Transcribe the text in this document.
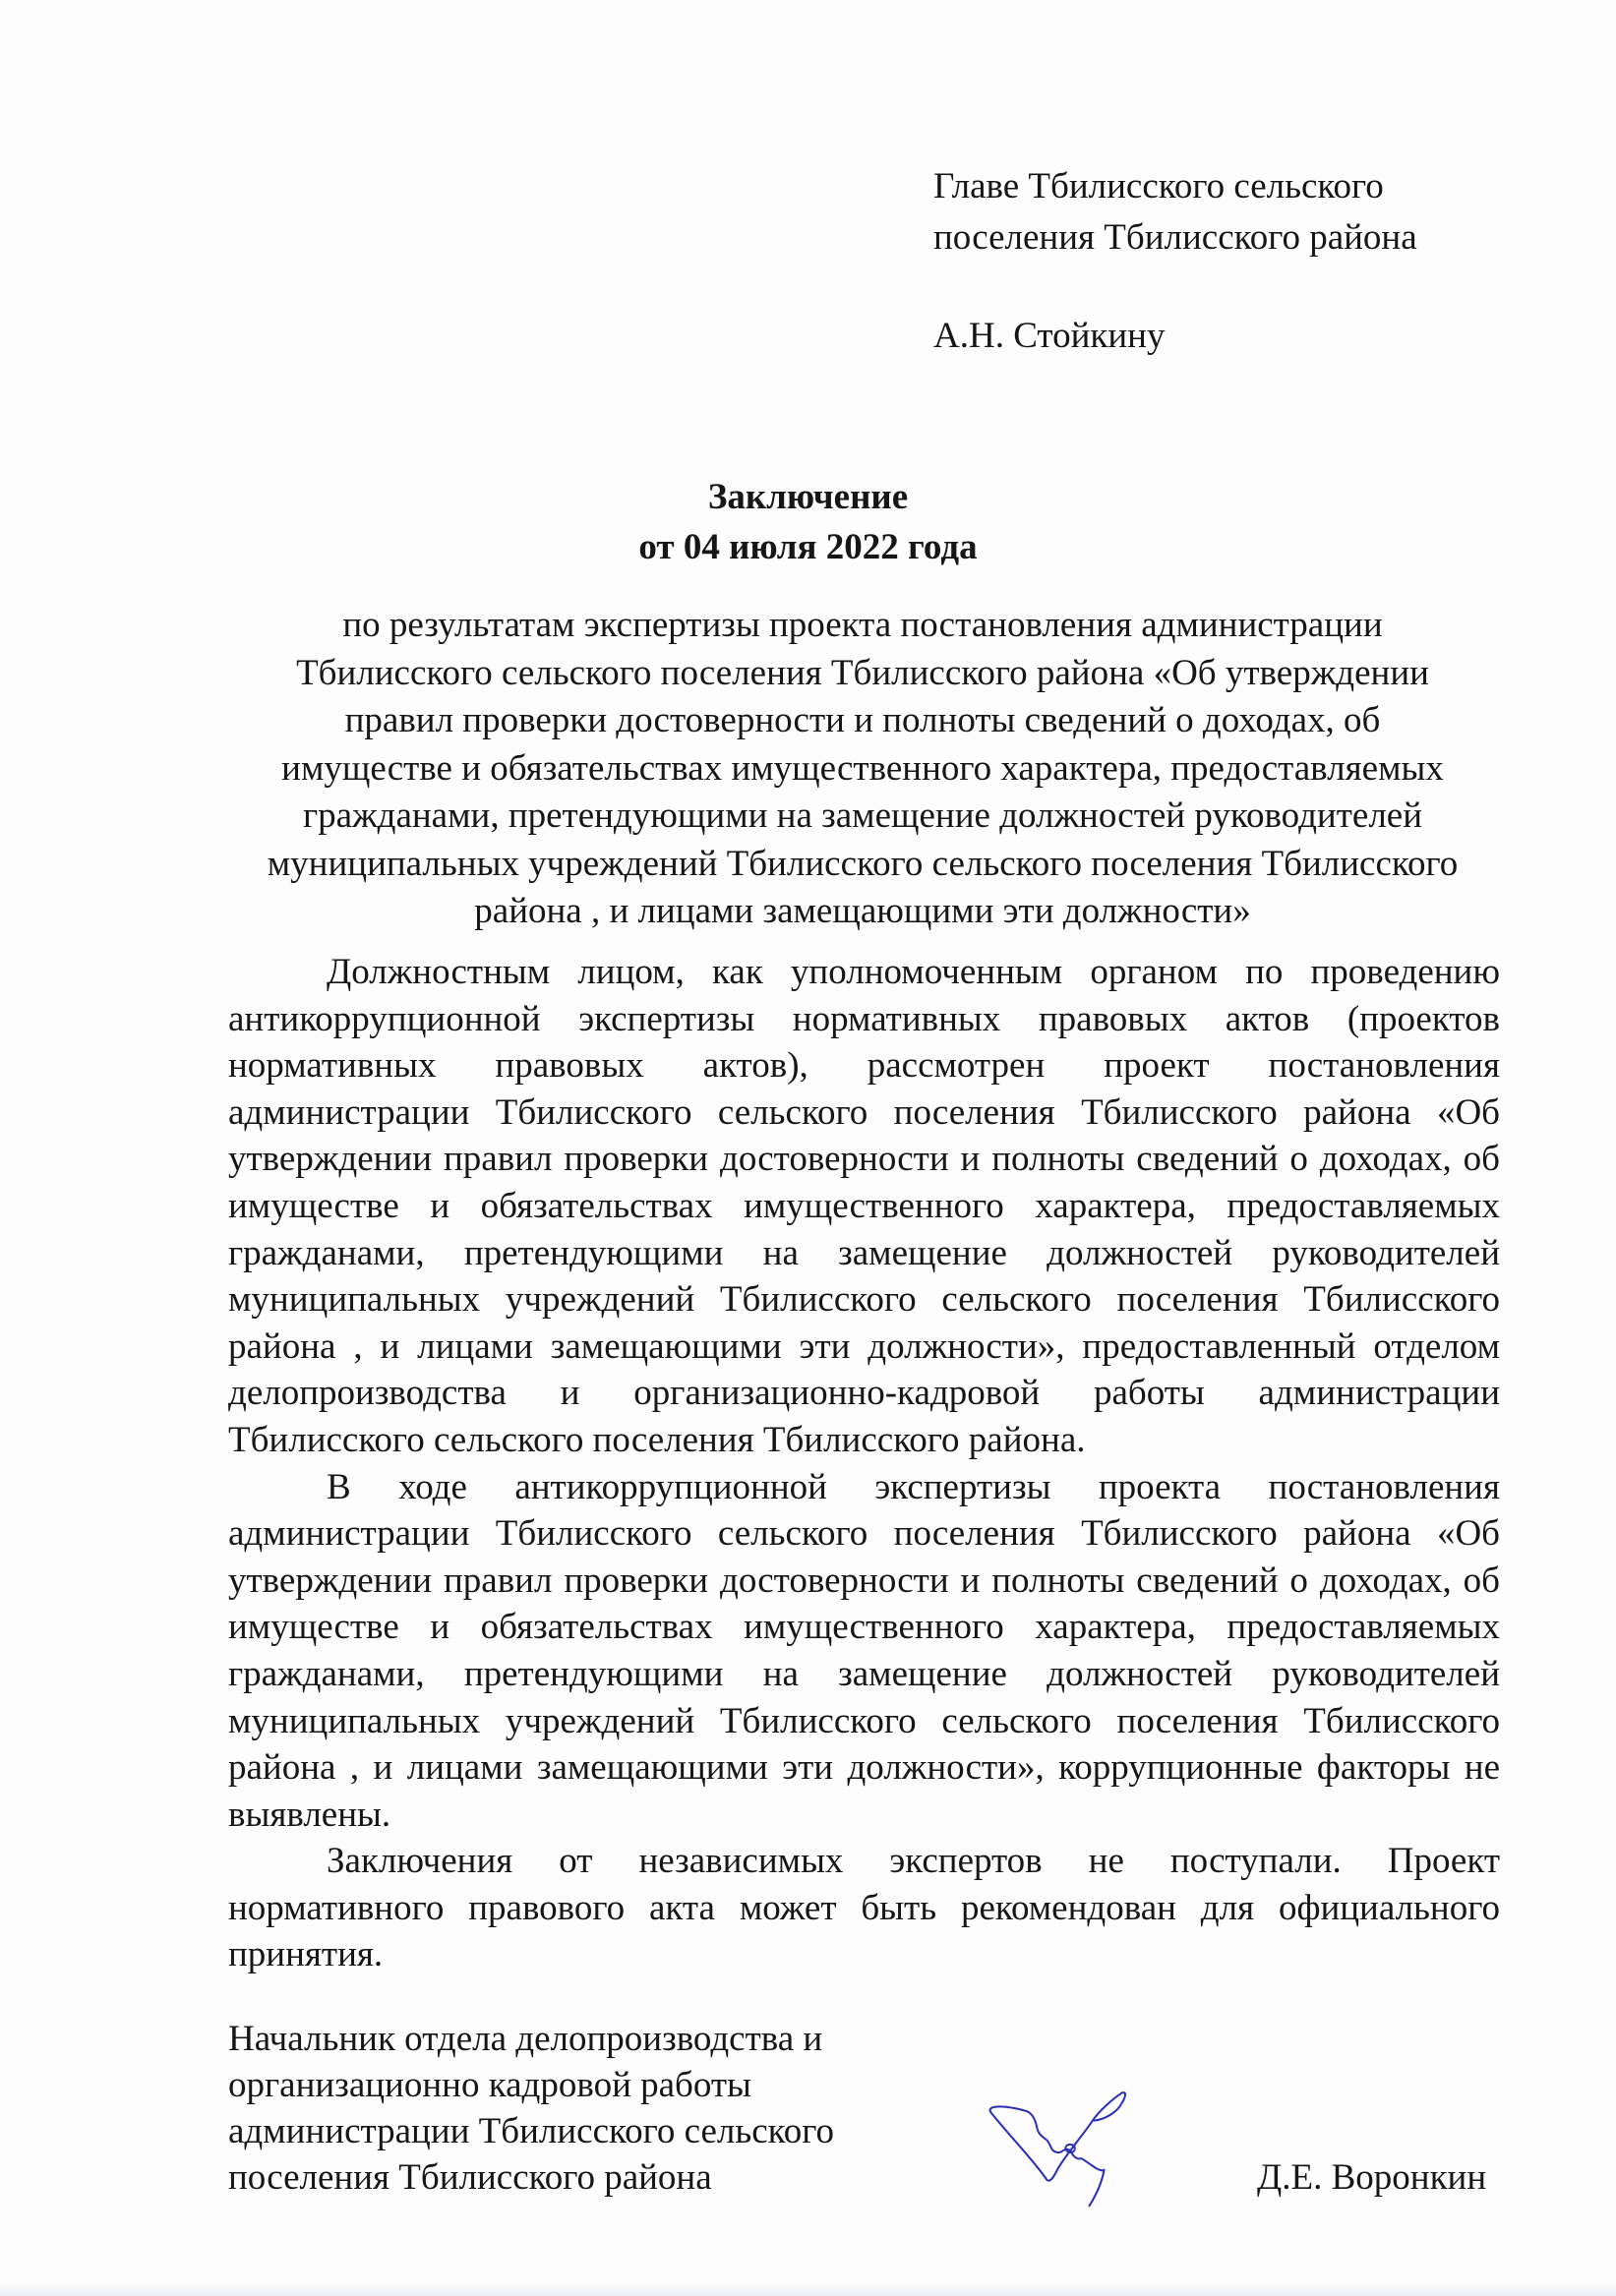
Главе Тбилисского сельского
поселения Тбилисского района
А.Н. Стойкину
Заключение
от 04 июля 2022 года
по результатам экспертизы проекта постановления администрации
Тбилисского сельского поселения Тбилисского района «Об утверждении
правил проверки достоверности и полноты сведений о доходах, об
имуществе и обязательствах имущественного характера, предоставляемых
гражданами, претендующими на замещение должностей руководителей
муниципальных учреждений Тбилисского сельского поселения Тбилисского
района , и лицами замещающими эти должности»

Должностным лицом, как уполномоченным органом по проведению антикоррупционной экспертизы нормативных правовых актов (проектов нормативных правовых актов), рассмотрен проект постановления администрации Тбилисского сельского поселения Тбилисского района «Об утверждении правил проверки достоверности и полноты сведений о доходах, об имуществе и обязательствах имущественного характера, предоставляемых гражданами, претендующими на замещение должностей руководителей муниципальных учреждений Тбилисского сельского поселения Тбилисского района , и лицами замещающими эти должности», предоставленный отделом делопроизводства и организационно-кадровой работы администрации Тбилисского сельского поселения Тбилисского района.

В ходе антикоррупционной экспертизы проекта постановления администрации Тбилисского сельского поселения Тбилисского района «Об утверждении правил проверки достоверности и полноты сведений о доходах, об имуществе и обязательствах имущественного характера, предоставляемых гражданами, претендующими на замещение должностей руководителей муниципальных учреждений Тбилисского сельского поселения Тбилисского района , и лицами замещающими эти должности», коррупционные факторы не выявлены.

Заключения от независимых экспертов не поступали. Проект нормативного правового акта может быть рекомендован для официального принятия.

Начальник отдела делопроизводства и
организационно кадровой работы
администрации Тбилисского сельского
поселения Тбилисского района	Д.Е. Воронкин
